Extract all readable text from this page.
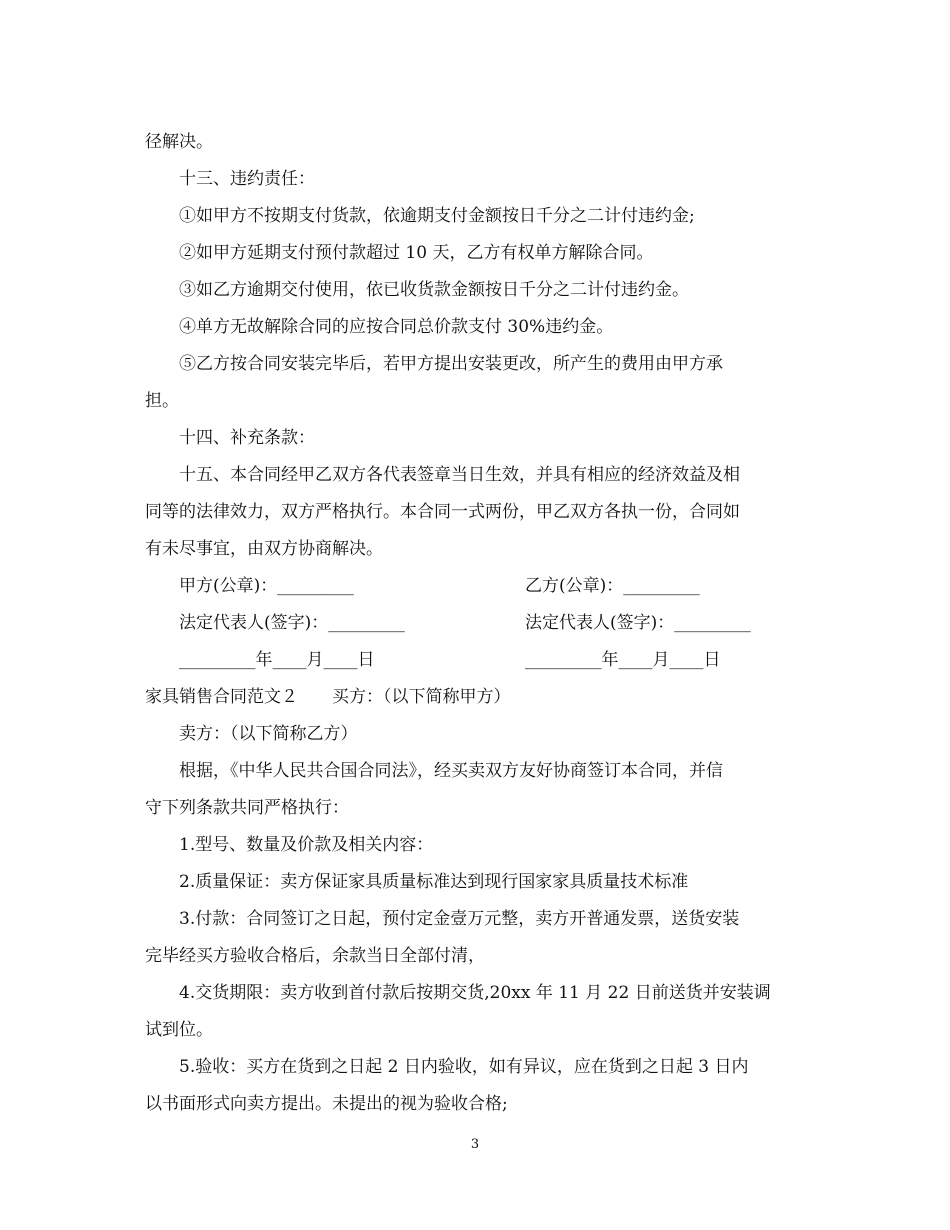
径解决。

十三、违约责任：

①如甲方不按期支付货款，依逾期支付金额按日千分之二计付违约金;

②如甲方延期支付预付款超过 10 天，乙方有权单方解除合同。

③如乙方逾期交付使用，依已收货款金额按日千分之二计付违约金。

④单方无故解除合同的应按合同总价款支付 30%违约金。

⑤乙方按合同安装完毕后，若甲方提出安装更改，所产生的费用由甲方承

担。

十四、补充条款：

十五、本合同经甲乙双方各代表签章当日生效，并具有相应的经济效益及相

同等的法律效力，双方严格执行。本合同一式两份，甲乙双方各执一份，合同如

有未尽事宜，由双方协商解决。

甲方(公章)：_________	乙方(公章)：_________
法定代表人(签字)：_________	法定代表人(签字)：_________
_________年____月____日	_________年____月____日

家具销售合同范文２　　买方：（以下简称甲方）

卖方：（以下简称乙方）

根据，《中华人民共合国合同法》，经买卖双方友好协商签订本合同，并信

守下列条款共同严格执行：

1.型号、数量及价款及相关内容：

2.质量保证：卖方保证家具质量标准达到现行国家家具质量技术标准

3.付款：合同签订之日起，预付定金壹万元整，卖方开普通发票，送货安装

完毕经买方验收合格后，余款当日全部付清，

4.交货期限：卖方收到首付款后按期交货,20xx 年 11 月 22 日前送货并安装调

试到位。

5.验收：买方在货到之日起 2 日内验收，如有异议，应在货到之日起 3 日内

以书面形式向卖方提出。未提出的视为验收合格;

3
